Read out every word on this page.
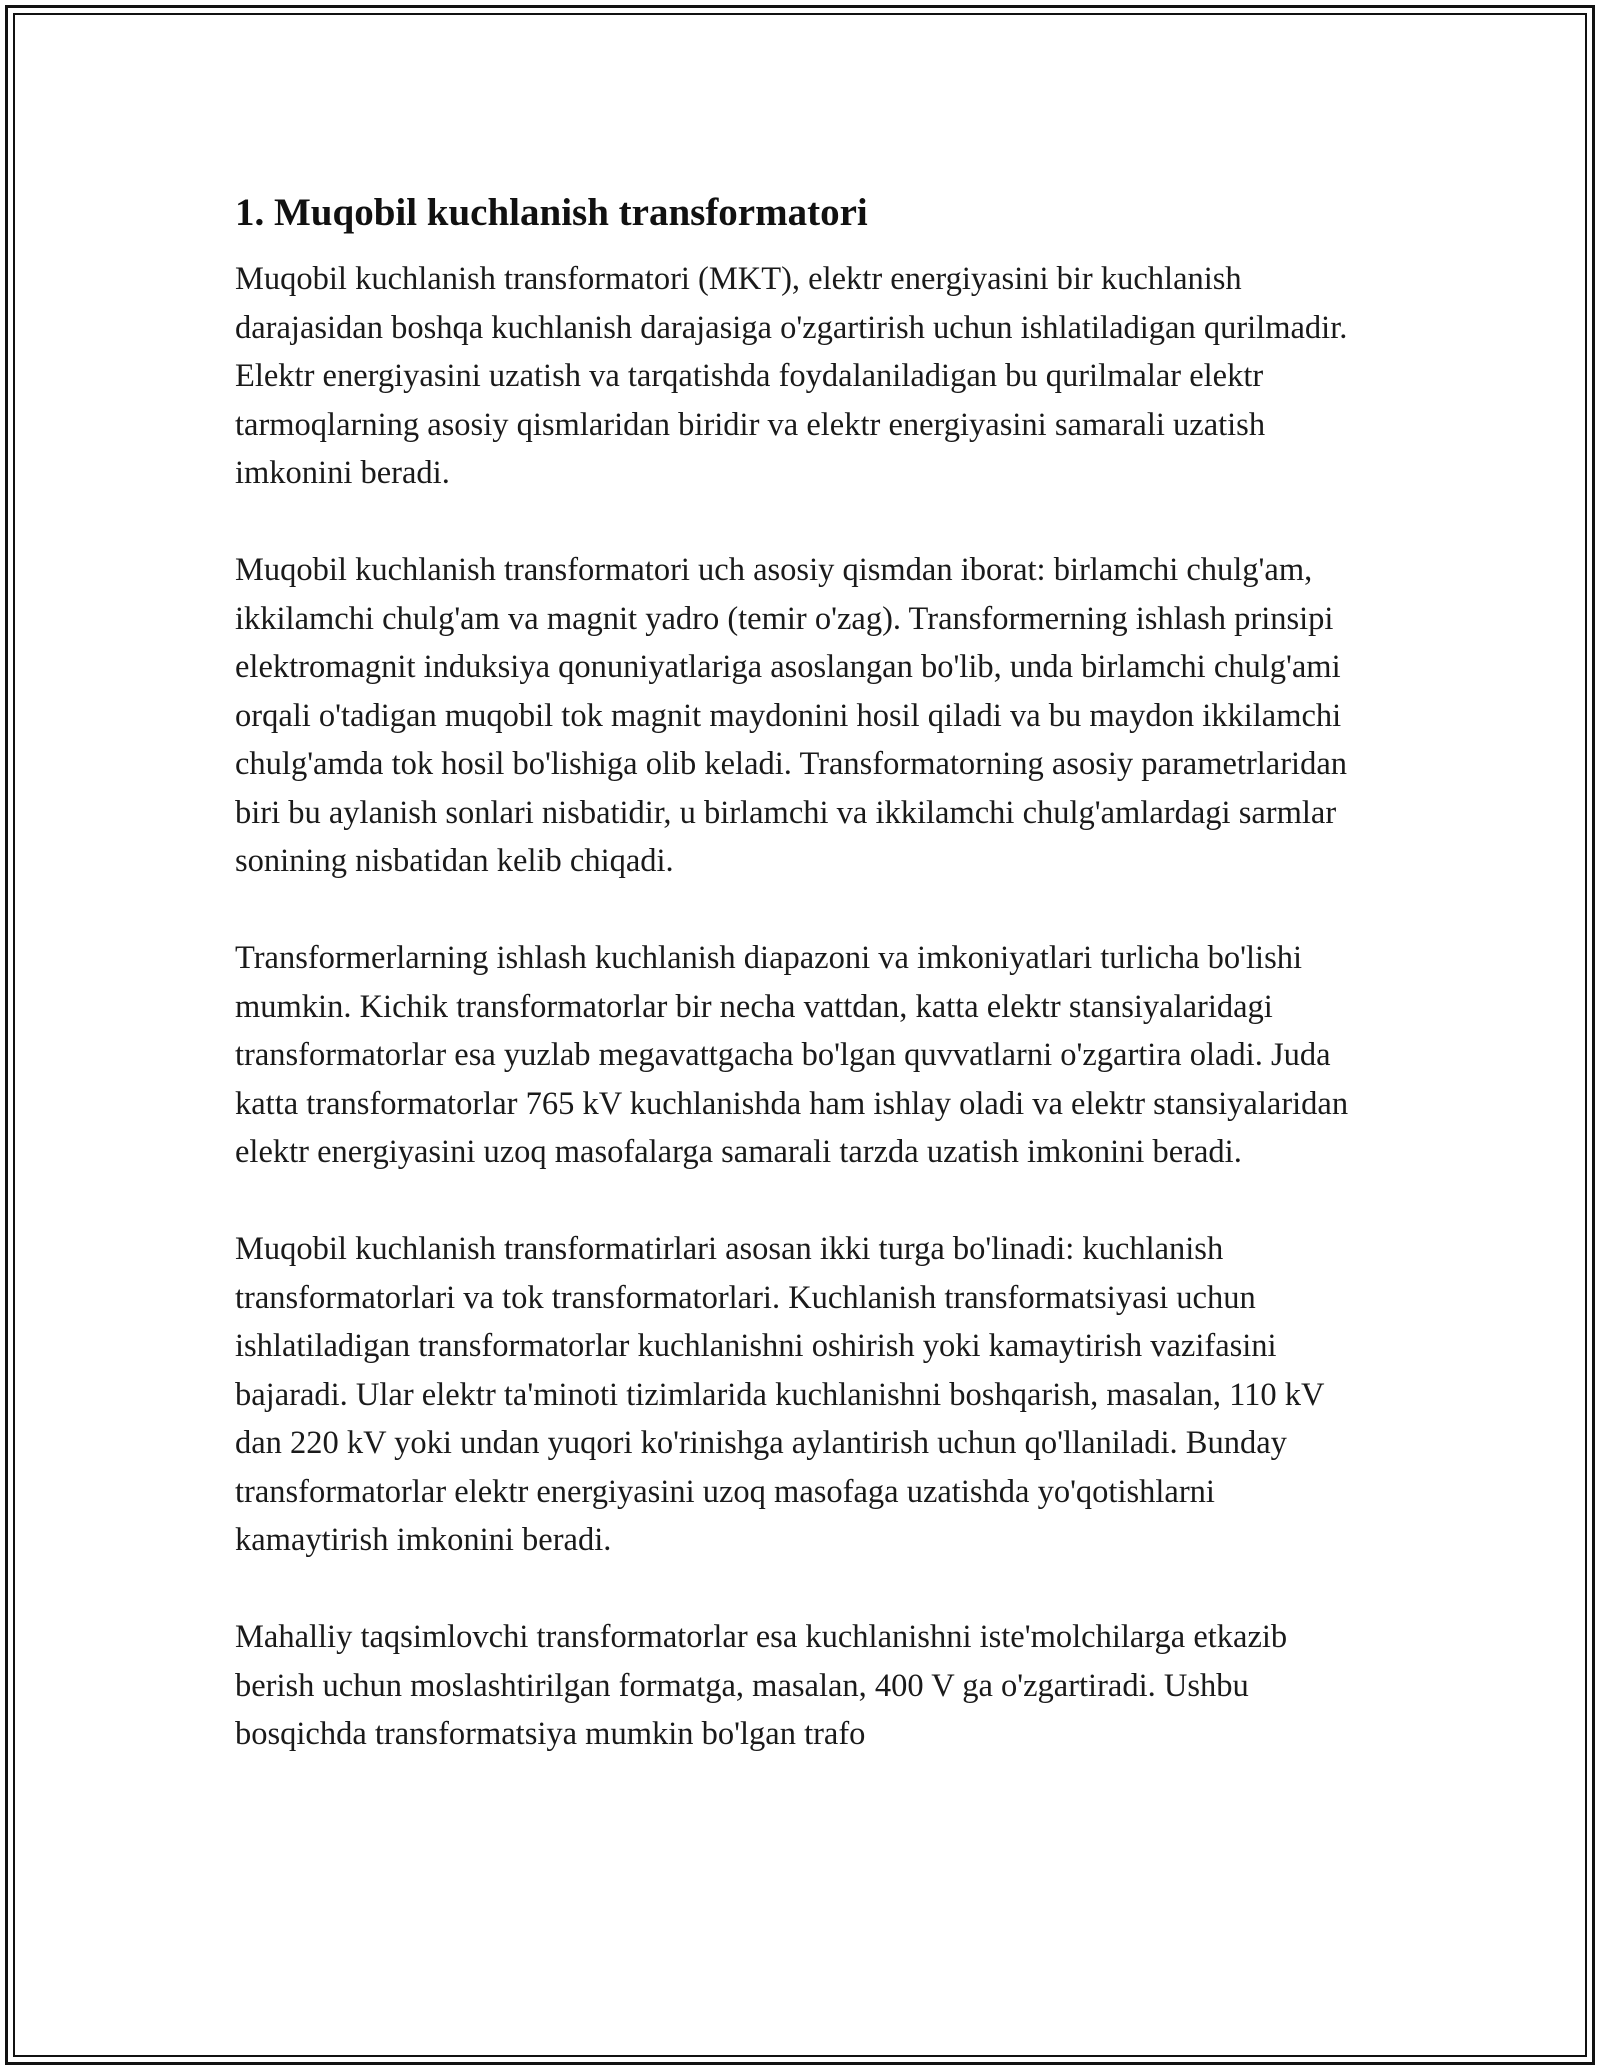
1. Muqobil kuchlanish transformatori

Muqobil kuchlanish transformatori (MKT), elektr energiyasini bir kuchlanish darajasidan boshqa kuchlanish darajasiga o'zgartirish uchun ishlatiladigan qurilmadir. Elektr energiyasini uzatish va tarqatishda foydalaniladigan bu qurilmalar elektr tarmoqlarning asosiy qismlaridan biridir va elektr energiyasini samarali uzatish imkonini beradi.

Muqobil kuchlanish transformatori uch asosiy qismdan iborat: birlamchi chulg'am, ikkilamchi chulg'am va magnit yadro (temir o'zag). Transformerning ishlash prinsipi elektromagnit induksiya qonuniyatlariga asoslangan bo'lib, unda birlamchi chulg'ami orqali o'tadigan muqobil tok magnit maydonini hosil qiladi va bu maydon ikkilamchi chulg'amda tok hosil bo'lishiga olib keladi. Transformatorning asosiy parametrlaridan biri bu aylanish sonlari nisbatidir, u birlamchi va ikkilamchi chulg'amlardagi sarmlar sonining nisbatidan kelib chiqadi.

Transformerlarning ishlash kuchlanish diapazoni va imkoniyatlari turlicha bo'lishi mumkin. Kichik transformatorlar bir necha vattdan, katta elektr stansiyalaridagi transformatorlar esa yuzlab megavattgacha bo'lgan quvvatlarni o'zgartira oladi. Juda katta transformatorlar 765 kV kuchlanishda ham ishlay oladi va elektr stansiyalaridan elektr energiyasini uzoq masofalarga samarali tarzda uzatish imkonini beradi.

Muqobil kuchlanish transformatirlari asosan ikki turga bo'linadi: kuchlanish transformatorlari va tok transformatorlari. Kuchlanish transformatsiyasi uchun ishlatiladigan transformatorlar kuchlanishni oshirish yoki kamaytirish vazifasini bajaradi. Ular elektr ta'minoti tizimlarida kuchlanishni boshqarish, masalan, 110 kV dan 220 kV yoki undan yuqori ko'rinishga aylantirish uchun qo'llaniladi. Bunday transformatorlar elektr energiyasini uzoq masofaga uzatishda yo'qotishlarni kamaytirish imkonini beradi.

Mahalliy taqsimlovchi transformatorlar esa kuchlanishni iste'molchilarga etkazib berish uchun moslashtirilgan formatga, masalan, 400 V ga o'zgartiradi. Ushbu bosqichda transformatsiya mumkin bo'lgan trafo
